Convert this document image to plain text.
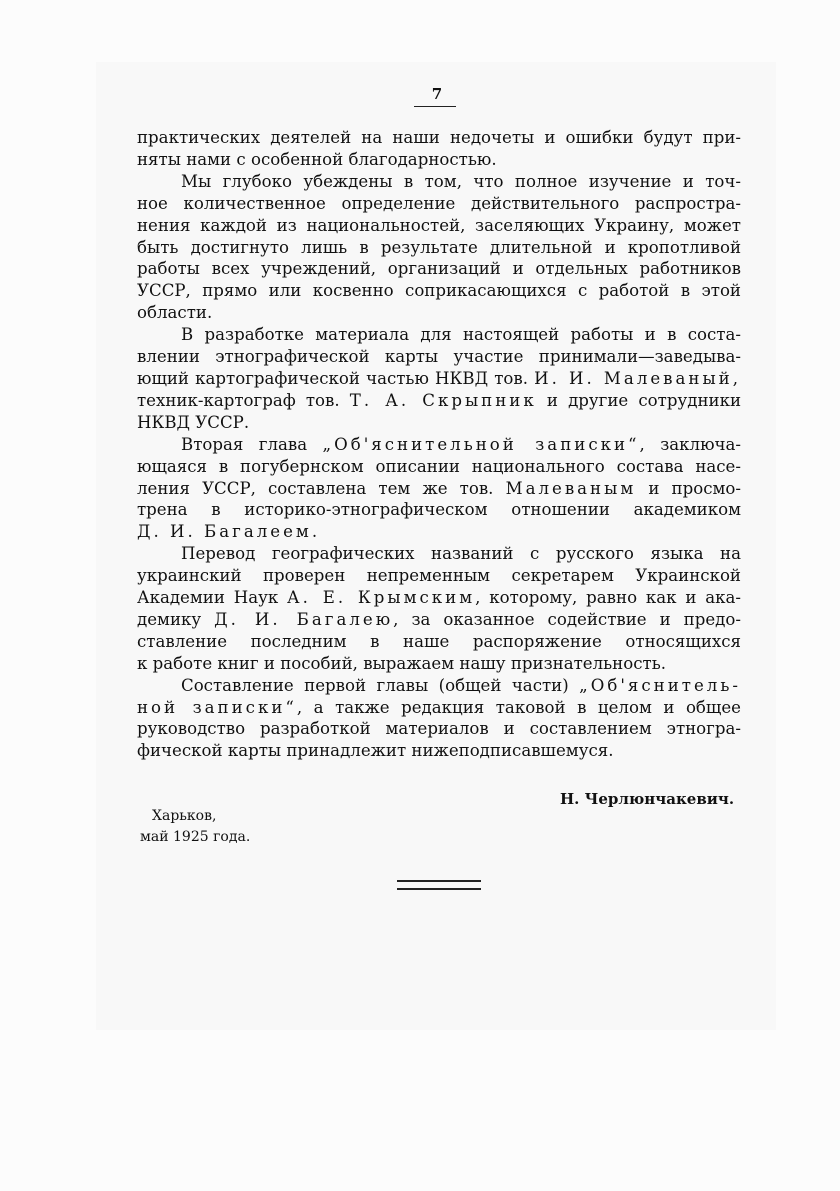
7
практических деятелей на наши недочеты и ошибки будут при-
няты нами с особенной благодарностью.
Мы глубоко убеждены в том, что полное изучение и точ-
ное количественное определение действительного распростра-
нения каждой из национальностей, заселяющих Украину, может
быть достигнуто лишь в результате длительной и кропотливой
работы всех учреждений, организаций и отдельных работников
УССР, прямо или косвенно соприкасающихся с работой в этой
области.
В разработке материала для настоящей работы и в соста-
влении этнографической карты участие принимали—заведыва-
ющий картографической частью НКВД тов. И. И. Малеваный,
техник-картограф тов. Т. А. Скрыпник и другие сотрудники
НКВД УССР.
Вторая глава „Об'яснительной записки“, заключа-
ющаяся в погубернском описании национального состава насе-
ления УССР, составлена тем же тов. Малеваным и просмо-
трена в историко-этнографическом отношении академиком
Д. И. Багалеем.
Перевод географических названий с русского языка на
украинский проверен непременным секретарем Украинской
Академии Наук А. Е. Крымским, которому, равно как и ака-
демику Д. И. Багалею, за оказанное содействие и предо-
ставление последним в наше распоряжение относящихся
к работе книг и пособий, выражаем нашу признательность.
Составление первой главы (общей части) „Об'яснитель-
ной записки“, а также редакция таковой в целом и общее
руководство разработкой материалов и составлением этногра-
фической карты принадлежит нижеподписавшемуся.
Н. Черлюнчакевич.
Харьков,
май 1925 года.
